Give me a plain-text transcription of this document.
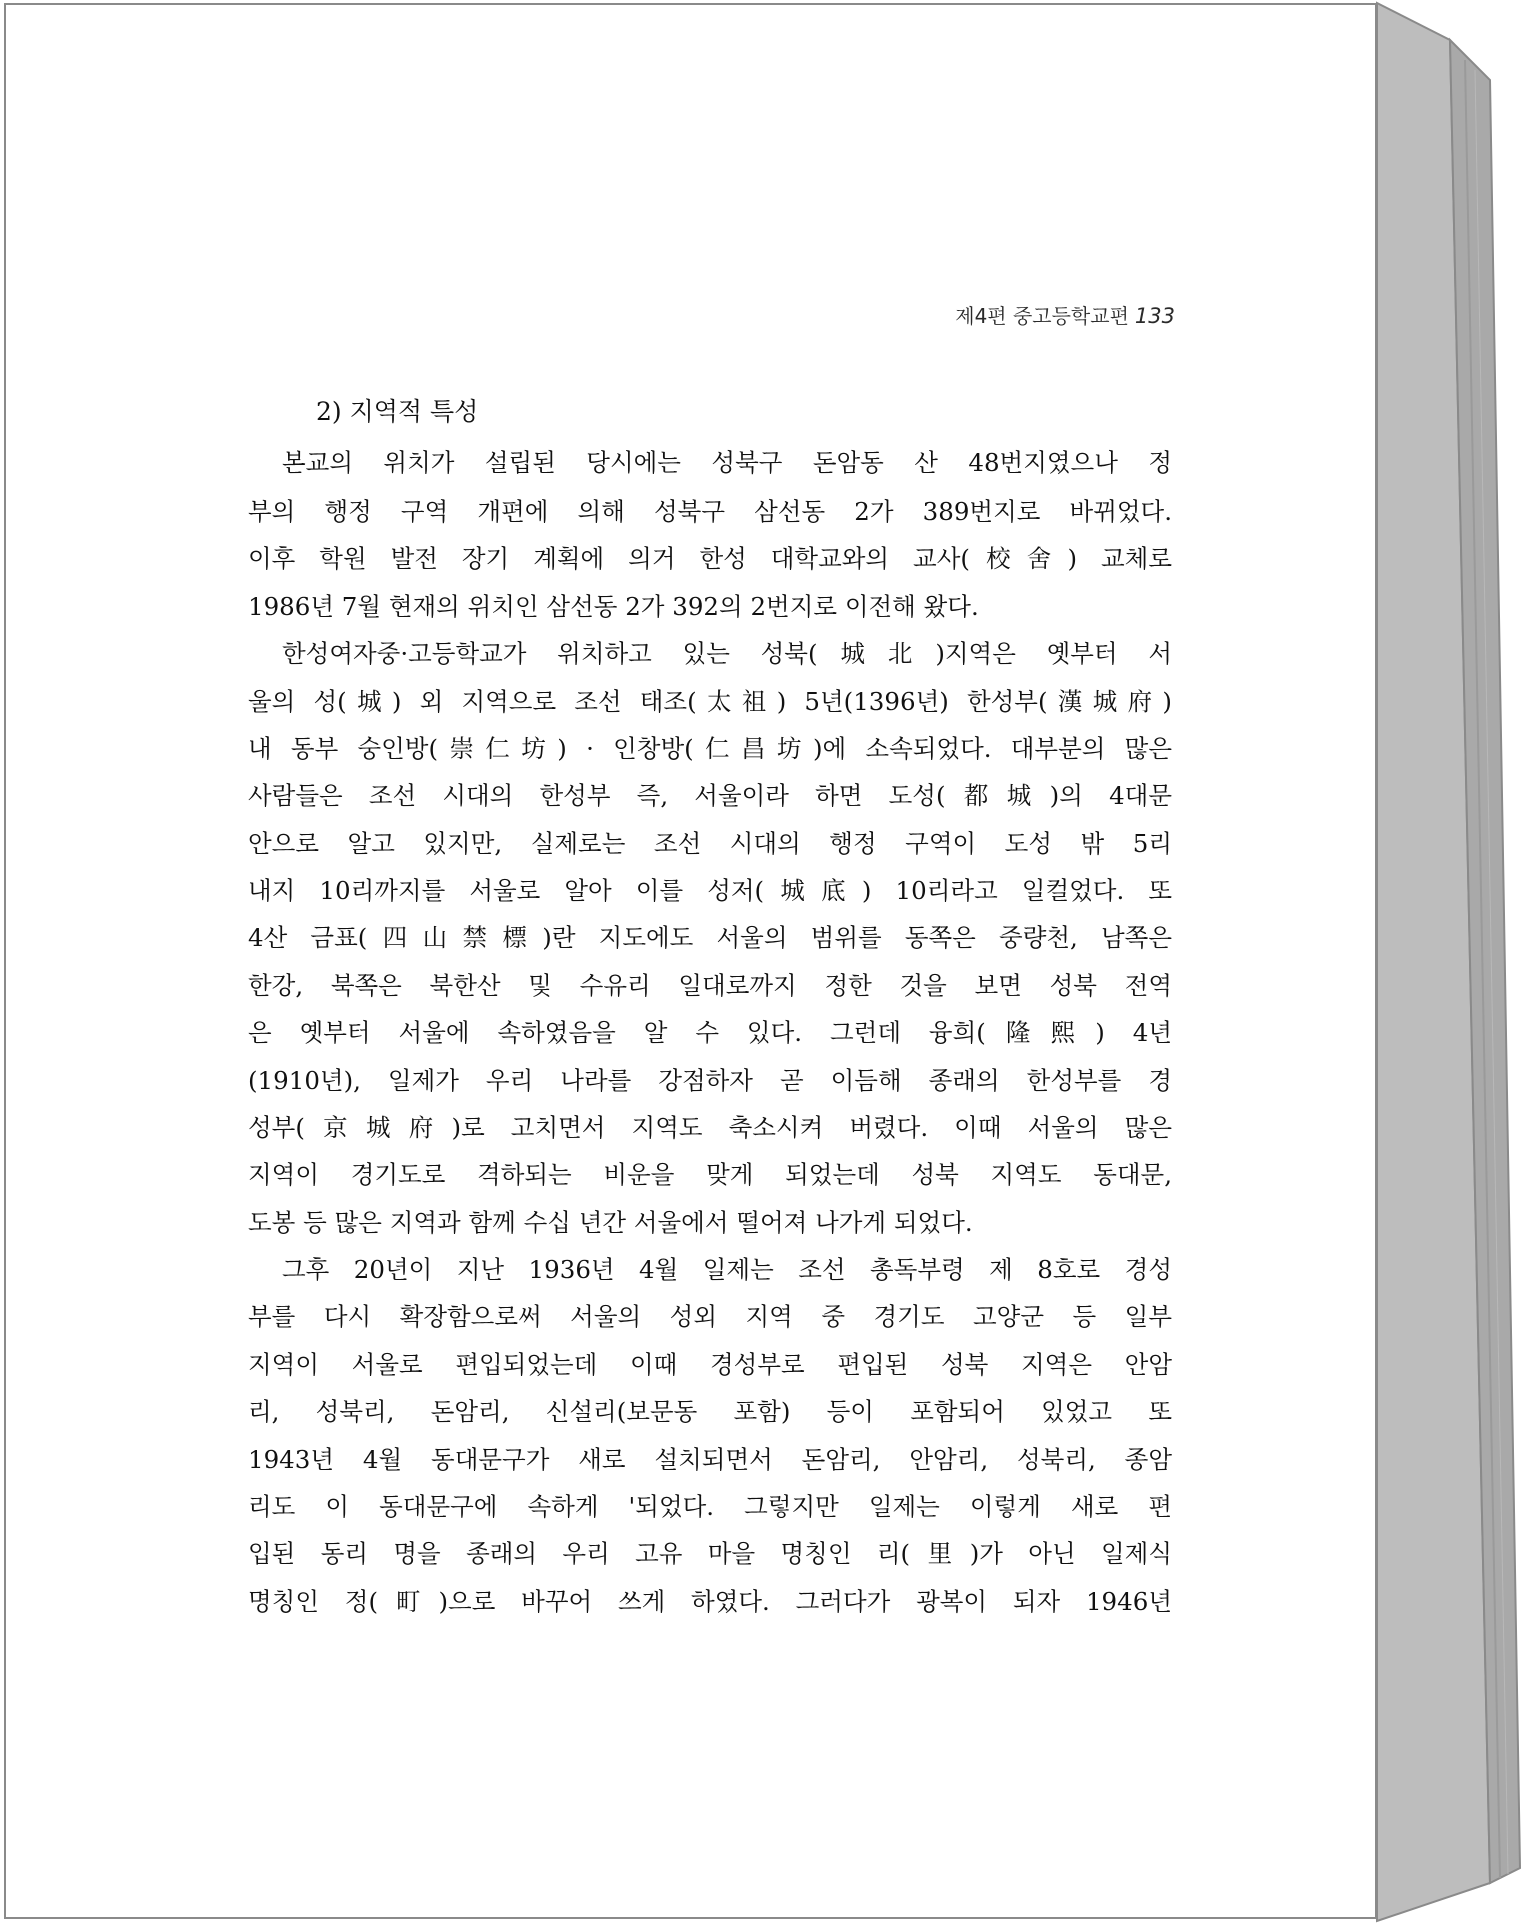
제4편 중고등학교편 133
2) 지역적 특성
본교의 위치가 설립된 당시에는 성북구 돈암동 산 48번지였으나 정
부의 행정 구역 개편에 의해 성북구 삼선동 2가 389번지로 바뀌었다.
이후 학원 발전 장기 계획에 의거 한성 대학교와의 교사(校舍) 교체로
1986년 7월 현재의 위치인 삼선동 2가 392의 2번지로 이전해 왔다.
한성여자중·고등학교가 위치하고 있는 성북(城北)지역은 옛부터 서
울의 성(城) 외 지역으로 조선 태조(太祖) 5년(1396년) 한성부(漢城府)
내 동부 숭인방(崇仁坊) · 인창방(仁昌坊)에 소속되었다. 대부분의 많은
사람들은 조선 시대의 한성부 즉, 서울이라 하면 도성(都城)의 4대문
안으로 알고 있지만, 실제로는 조선 시대의 행정 구역이 도성 밖 5리
내지 10리까지를 서울로 알아 이를 성저(城底) 10리라고 일컬었다. 또
4산 금표(四山禁標)란 지도에도 서울의 범위를 동쪽은 중량천, 남쪽은
한강, 북쪽은 북한산 및 수유리 일대로까지 정한 것을 보면 성북 전역
은 옛부터 서울에 속하였음을 알 수 있다. 그런데 융희(隆熙) 4년
(1910년), 일제가 우리 나라를 강점하자 곧 이듬해 종래의 한성부를 경
성부(京城府)로 고치면서 지역도 축소시켜 버렸다. 이때 서울의 많은
지역이 경기도로 격하되는 비운을 맞게 되었는데 성북 지역도 동대문,
도봉 등 많은 지역과 함께 수십 년간 서울에서 떨어져 나가게 되었다.
그후 20년이 지난 1936년 4월 일제는 조선 총독부령 제 8호로 경성
부를 다시 확장함으로써 서울의 성외 지역 중 경기도 고양군 등 일부
지역이 서울로 편입되었는데 이때 경성부로 편입된 성북 지역은 안암
리, 성북리, 돈암리, 신설리(보문동 포함) 등이 포함되어 있었고 또
1943년 4월 동대문구가 새로 설치되면서 돈암리, 안암리, 성북리, 종암
리도 이 동대문구에 속하게 '되었다. 그렇지만 일제는 이렇게 새로 편
입된 동리 명을 종래의 우리 고유 마을 명칭인 리(里)가 아닌 일제식
명칭인 정(町)으로 바꾸어 쓰게 하였다. 그러다가 광복이 되자 1946년
